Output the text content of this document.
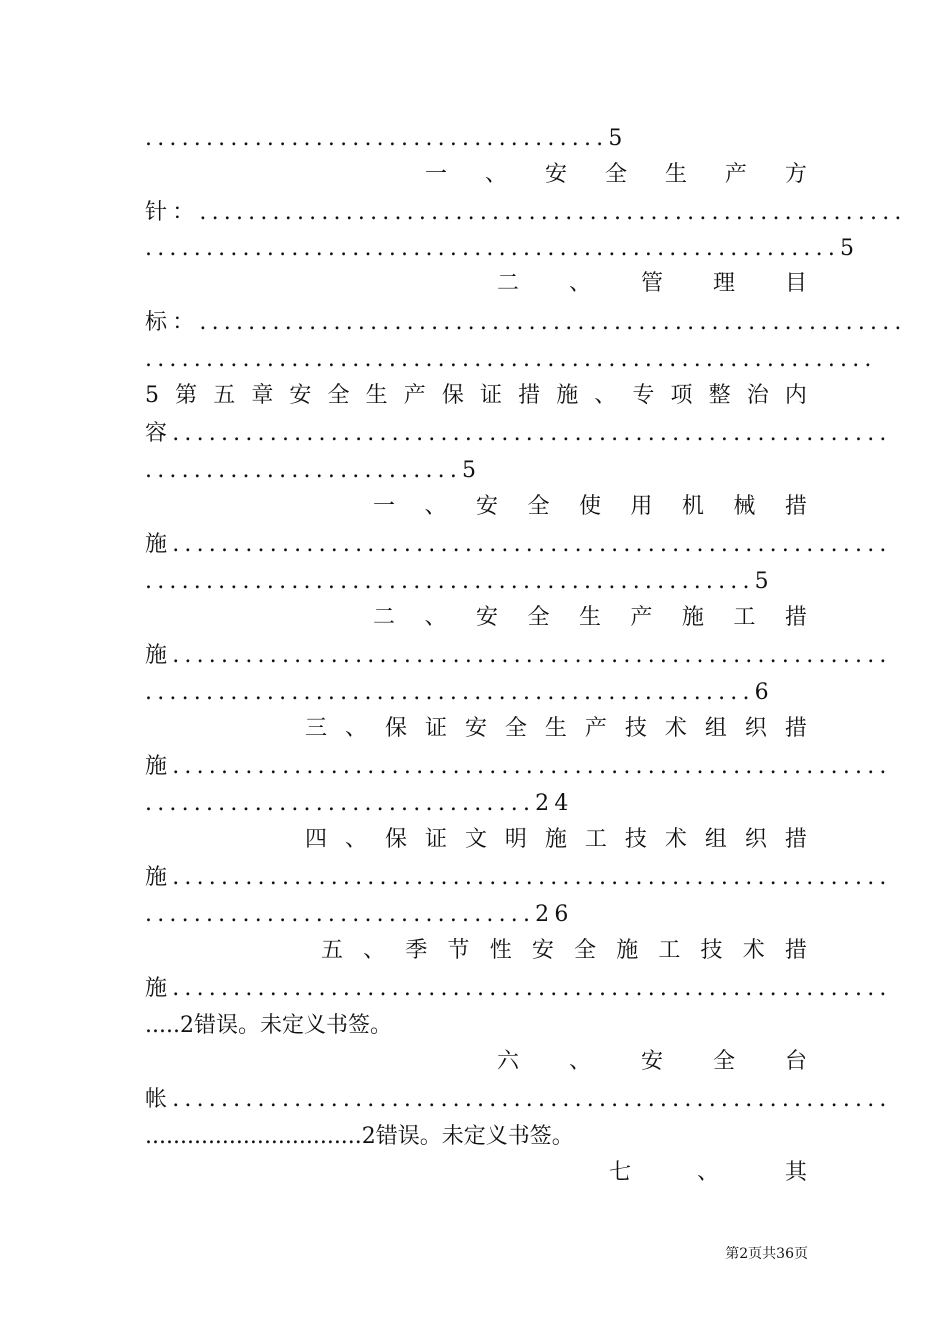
......................................5
一 、 安 全 生 产 方
针：..........................................................
.........................................................5
二 、 管 理 目
标：..........................................................
............................................................
5 第 五 章 安 全 生 产 保 证 措 施 、 专 项 整 治 内
容...........................................................
..........................5
一 、 安 全 使 用 机 械 措
施...........................................................
..................................................5
二 、 安 全 生 产 施 工 措
施...........................................................
..................................................6
三 、 保 证 安 全 生 产 技 术 组 织 措
施...........................................................
................................24
四 、 保 证 文 明 施 工 技 术 组 织 措
施...........................................................
................................26
五 、 季 节 性 安 全 施 工 技 术 措
施...........................................................
.....2错误。未定义书签。
六 、 安 全 台
帐...........................................................
...............................2错误。未定义书签。
七	、	其
第2页共36页
